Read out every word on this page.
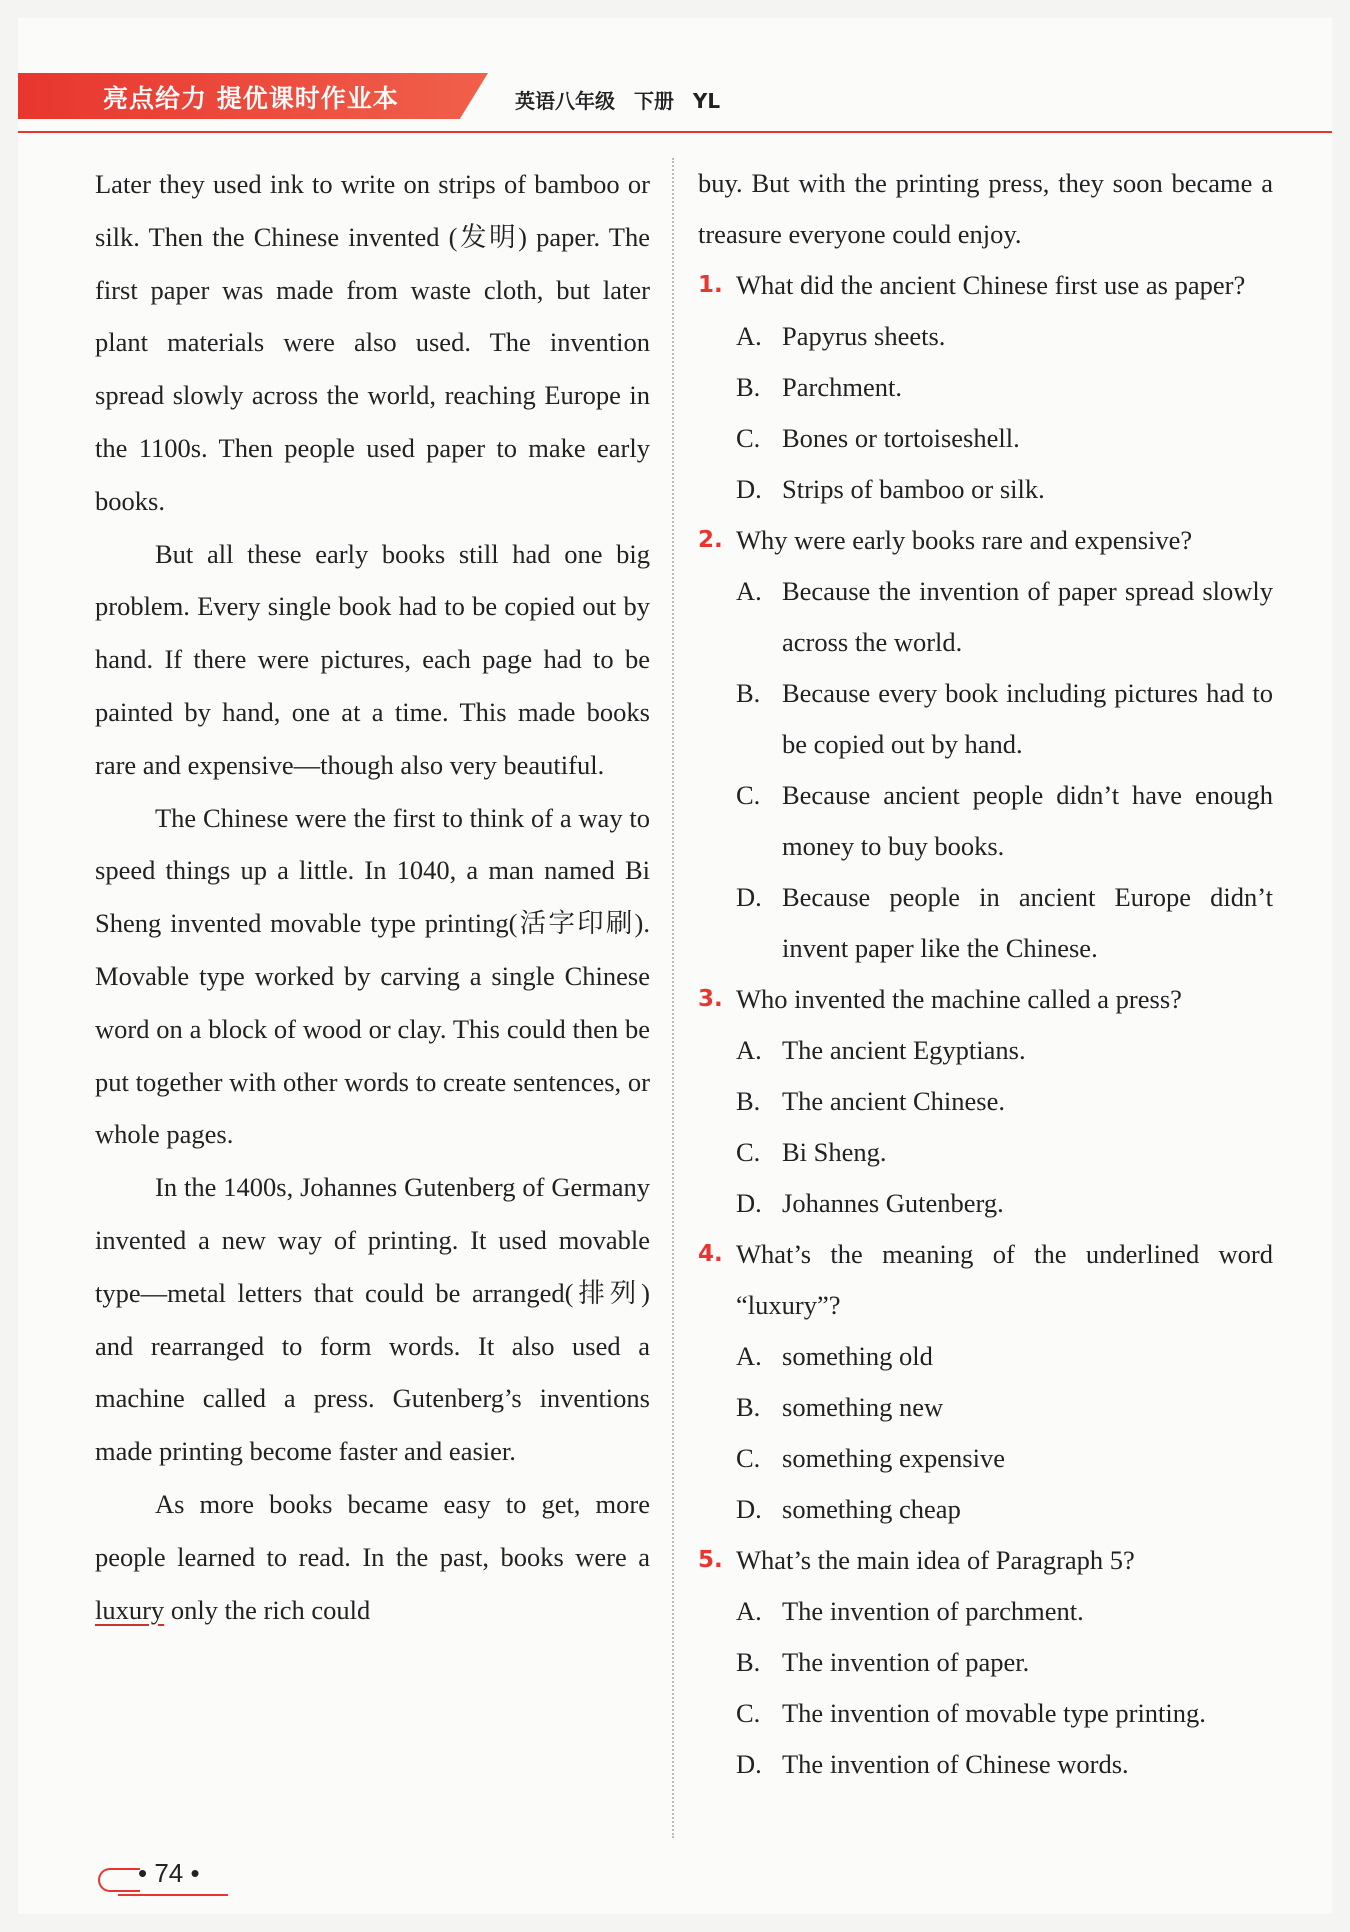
亮点给力 提优课时作业本	英语八年级 下册 YL

Later they used ink to write on strips of bamboo or silk. Then the Chinese invented (发明) paper. The first paper was made from waste cloth, but later plant materials were also used. The invention spread slowly across the world, reaching Europe in the 1100s. Then people used paper to make early books.

But all these early books still had one big problem. Every single book had to be copied out by hand. If there were pictures, each page had to be painted by hand, one at a time. This made books rare and expensive—though also very beautiful.

The Chinese were the first to think of a way to speed things up a little. In 1040, a man named Bi Sheng invented movable type printing(活字印刷). Movable type worked by carving a single Chinese word on a block of wood or clay. This could then be put together with other words to create sentences, or whole pages.

In the 1400s, Johannes Gutenberg of Germany invented a new way of printing. It used movable type—metal letters that could be arranged(排列) and rearranged to form words. It also used a machine called a press. Gutenberg’s inventions made printing become faster and easier.

As more books became easy to get, more people learned to read. In the past, books were a luxury only the rich could

buy. But with the printing press, they soon became a treasure everyone could enjoy.

1. What did the ancient Chinese first use as paper?
A. Papyrus sheets.
B. Parchment.
C. Bones or tortoiseshell.
D. Strips of bamboo or silk.
2. Why were early books rare and expensive?
A. Because the invention of paper spread slowly across the world.
B. Because every book including pictures had to be copied out by hand.
C. Because ancient people didn’t have enough money to buy books.
D. Because people in ancient Europe didn’t invent paper like the Chinese.
3. Who invented the machine called a press?
A. The ancient Egyptians.
B. The ancient Chinese.
C. Bi Sheng.
D. Johannes Gutenberg.
4. What’s the meaning of the underlined word “luxury”?
A. something old
B. something new
C. something expensive
D. something cheap
5. What’s the main idea of Paragraph 5?
A. The invention of parchment.
B. The invention of paper.
C. The invention of movable type printing.
D. The invention of Chinese words.
• 74 •
